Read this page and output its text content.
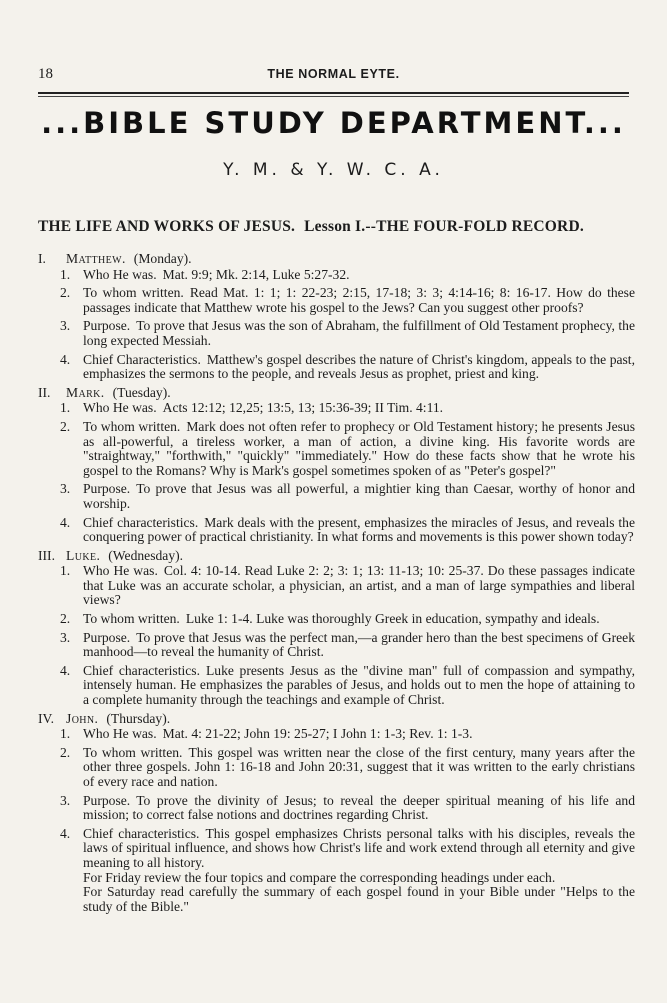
18	THE NORMAL EYTE.
...BIBLE STUDY DEPARTMENT...
Y. M. & Y. W. C. A.
THE LIFE AND WORKS OF JESUS. Lesson I.--THE FOUR-FOLD RECORD.
I. Matthew. (Monday).
1. Who He was. Mat. 9:9; Mk. 2:14, Luke 5:27-32.
2. To whom written. Read Mat. 1: 1; 1: 22-23; 2:15, 17-18; 3: 3; 4:14-16; 8: 16-17. How do these passages indicate that Matthew wrote his gospel to the Jews? Can you suggest other proofs?
3. Purpose. To prove that Jesus was the son of Abraham, the fulfillment of Old Testament prophecy, the long expected Messiah.
4. Chief Characteristics. Matthew's gospel describes the nature of Christ's kingdom, appeals to the past, emphasizes the sermons to the people, and reveals Jesus as prophet, priest and king.
II. Mark. (Tuesday).
1. Who He was. Acts 12:12; 12,25; 13:5, 13; 15:36-39; II Tim. 4:11.
2. To whom written. Mark does not often refer to prophecy or Old Testament history; he presents Jesus as all-powerful, a tireless worker, a man of action, a divine king. His favorite words are "straightway," "forthwith," "quickly" "immediately." How do these facts show that he wrote his gospel to the Romans? Why is Mark's gospel sometimes spoken of as "Peter's gospel?"
3. Purpose. To prove that Jesus was all powerful, a mightier king than Caesar, worthy of honor and worship.
4. Chief characteristics. Mark deals with the present, emphasizes the miracles of Jesus, and reveals the conquering power of practical christianity. In what forms and movements is this power shown today?
III. Luke. (Wednesday).
1. Who He was. Col. 4: 10-14. Read Luke 2: 2; 3: 1; 13: 11-13; 10: 25-37. Do these passages indicate that Luke was an accurate scholar, a physician, an artist, and a man of large sympathies and liberal views?
2. To whom written. Luke 1: 1-4. Luke was thoroughly Greek in education, sympathy and ideals.
3. Purpose. To prove that Jesus was the perfect man,—a grander hero than the best specimens of Greek manhood—to reveal the humanity of Christ.
4. Chief characteristics. Luke presents Jesus as the "divine man" full of compassion and sympathy, intensely human. He emphasizes the parables of Jesus, and holds out to men the hope of attaining to a complete humanity through the teachings and example of Christ.
IV. John. (Thursday).
1. Who He was. Mat. 4: 21-22; John 19: 25-27; I John 1: 1-3; Rev. 1: 1-3.
2. To whom written. This gospel was written near the close of the first century, many years after the other three gospels. John 1: 16-18 and John 20:31, suggest that it was written to the early christians of every race and nation.
3. Purpose. To prove the divinity of Jesus; to reveal the deeper spiritual meaning of his life and mission; to correct false notions and doctrines regarding Christ.
4. Chief characteristics. This gospel emphasizes Christs personal talks with his disciples, reveals the laws of spiritual influence, and shows how Christ's life and work extend through all eternity and give meaning to all history.

For Friday review the four topics and compare the corresponding headings under each.

For Saturday read carefully the summary of each gospel found in your Bible under "Helps to the study of the Bible."
